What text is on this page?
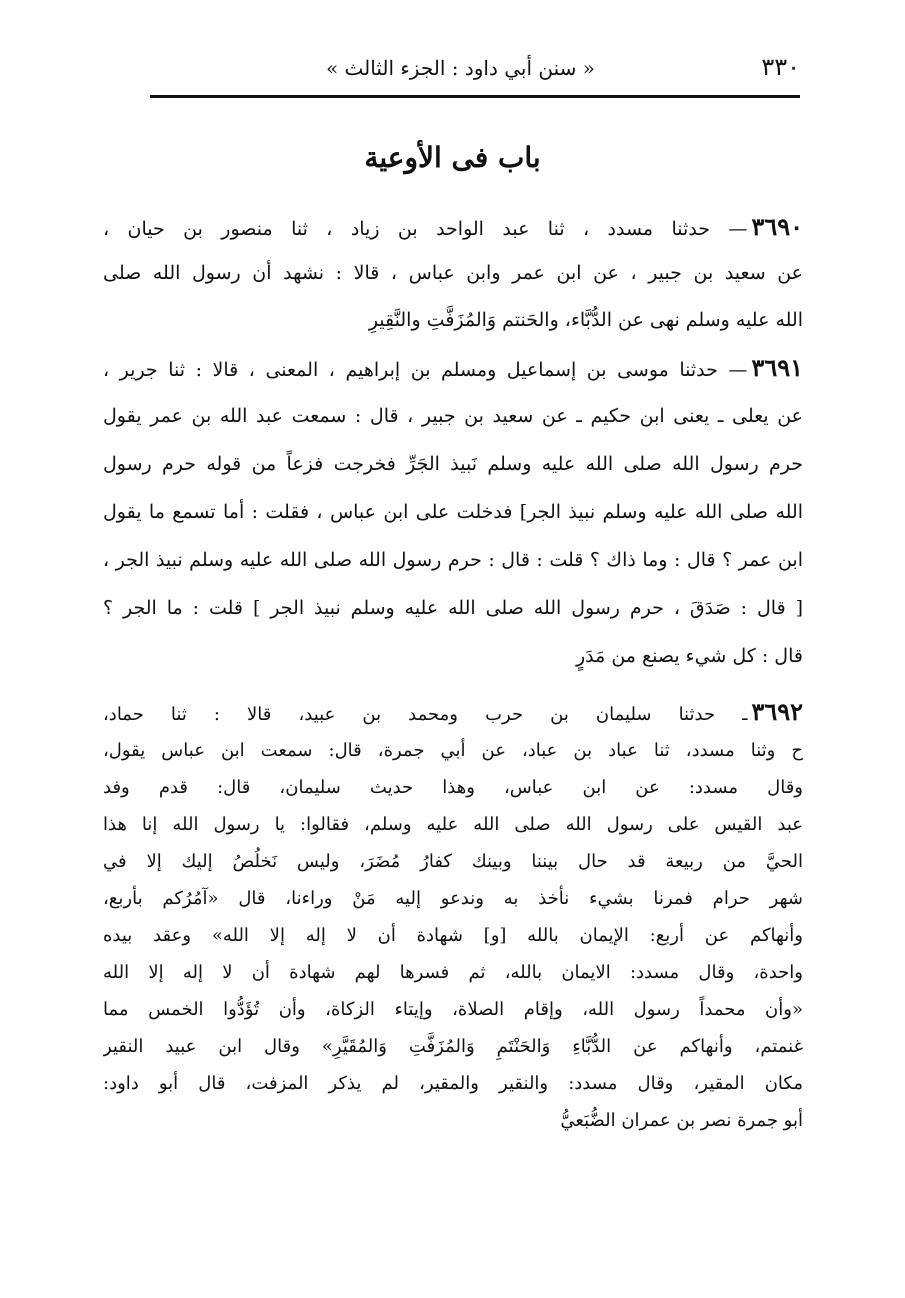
٣٣٠
« سنن أبي داود : الجزء الثالث »
باب فى الأوعية
٣٦٩٠— حدثنا مسدد ، ثنا عبد الواحد بن زياد ، ثنا منصور بن حيان ،
عن سعيد بن جبير ، عن ابن عمر وابن عباس ، قالا : نشهد أن رسول الله صلى
الله عليه وسلم نهى عن الدُّبَّاء، والحَنتم وَالمُزَفَّتِ والنَّقِيرِ
٣٦٩١— حدثنا موسى بن إسماعيل ومسلم بن إبراهيم ، المعنى ، قالا : ثنا جرير ،
عن يعلى ـ يعنى ابن حكيم ـ عن سعيد بن جبير ، قال : سمعت عبد الله بن عمر يقول
حرم رسول الله صلى الله عليه وسلم نَبيذ الجَرِّ فخرجت فزعاً من قوله حرم رسول
الله صلى الله عليه وسلم نبيذ الجر] فدخلت على ابن عباس ، فقلت : أما تسمع ما يقول
ابن عمر ؟ قال : وما ذاك ؟ قلت : قال : حرم رسول الله صلى الله عليه وسلم نبيذ الجر ،
[ قال : صَدَقَ ، حرم رسول الله صلى الله عليه وسلم نبيذ الجر ] قلت : ما الجر ؟
قال : كل شيء يصنع من مَدَرٍ
٣٦٩٢ـ حدثنا سليمان بن حرب ومحمد بن عبيد، قالا : ثنا حماد،
ح وثنا مسدد، ثنا عباد بن عباد، عن أبي جمرة، قال: سمعت ابن عباس يقول،
وقال مسدد: عن ابن عباس، وهذا حديث سليمان، قال: قدم وفد
عبد القيس على رسول الله صلى الله عليه وسلم، فقالوا: يا رسول الله إنا هذا
الحيَّ من ربيعة قد حال بيننا وبينك كفارُ مُضَرَ، وليس نَخلُصُ إليك إلا في
شهر حرام فمرنا بشيء نأخذ به وندعو إليه مَنْ وراءنا، قال «آمُرُكم بأربع،
وأنهاكم عن أربع: الإيمان بالله [و] شهادة أن لا إله إلا الله» وعقد بيده
واحدة، وقال مسدد: الايمان بالله، ثم فسرها لهم شهادة أن لا إله إلا الله
«وأن محمداً رسول الله، وإقام الصلاة، وإيتاء الزكاة، وأن تُؤَدُّوا الخمس مما
غنمتم، وأنهاكم عن الدُّبَّاءِ وَالحَنْتَمِ وَالمُزَفَّتِ وَالمُقَيَّرِ» وقال ابن عبيد النقير
مكان المقير، وقال مسدد: والنقير والمقير، لم يذكر المزفت، قال أبو داود:
أبو جمرة نصر بن عمران الضُّبَعيُّ
